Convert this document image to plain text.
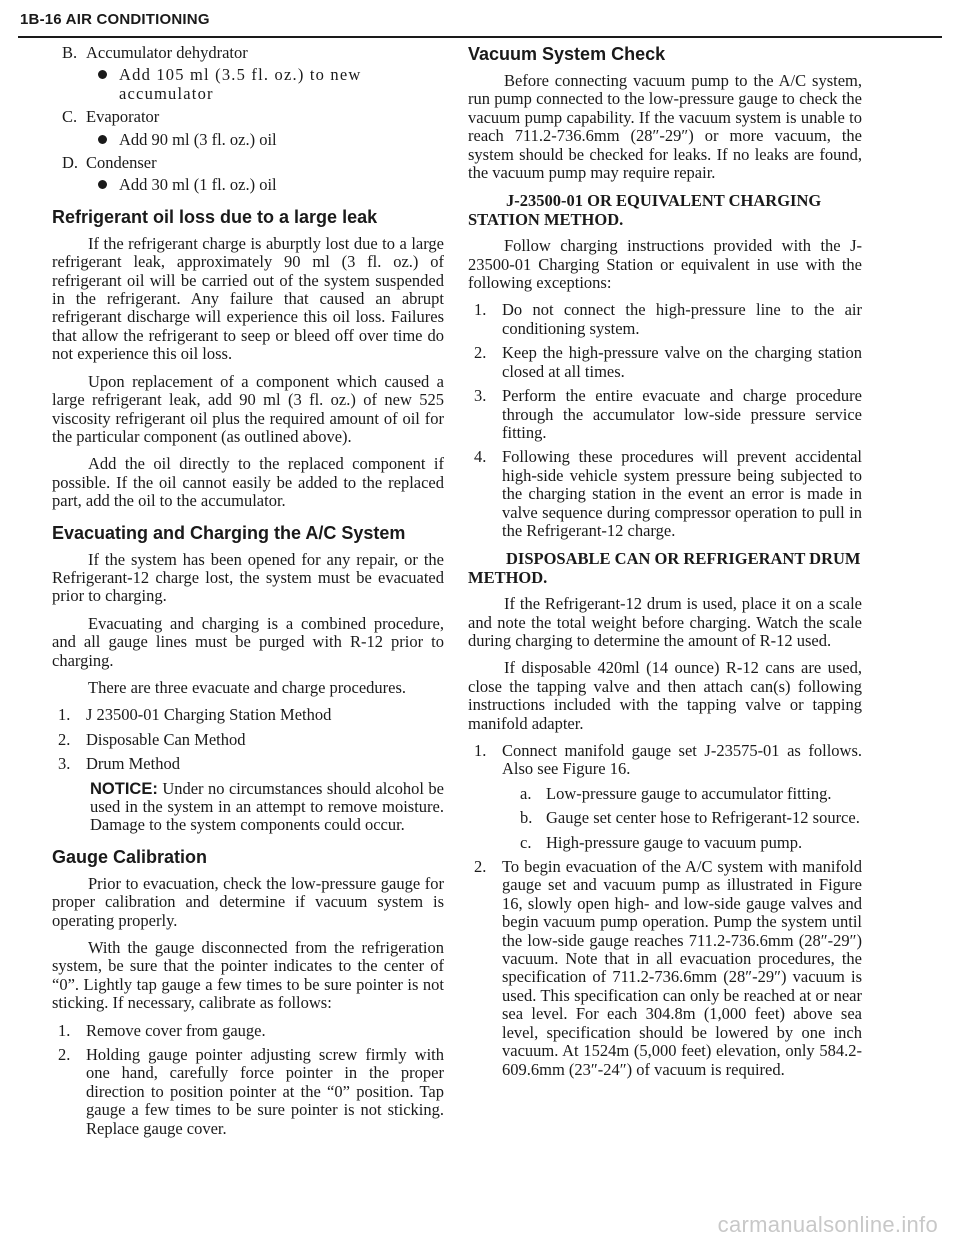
1B-16 AIR CONDITIONING
B. Accumulator dehydrator
Add 105 ml (3.5 fl. oz.) to new accumulator
C. Evaporator
Add 90 ml (3 fl. oz.) oil
D. Condenser
Add 30 ml (1 fl. oz.) oil
Refrigerant oil loss due to a large leak

If the refrigerant charge is aburptly lost due to a large refrigerant leak, approximately 90 ml (3 fl. oz.) of refrigerant oil will be carried out of the system suspended in the refrigerant. Any failure that caused an abrupt refrigerant discharge will experience this oil loss. Failures that allow the refrigerant to seep or bleed off over time do not experience this oil loss.

Upon replacement of a component which caused a large refrigerant leak, add 90 ml (3 fl. oz.) of new 525 viscosity refrigerant oil plus the required amount of oil for the particular component (as outlined above).

Add the oil directly to the replaced component if possible. If the oil cannot easily be added to the replaced part, add the oil to the accumulator.

Evacuating and Charging the A/C System

If the system has been opened for any repair, or the Refrigerant-12 charge lost, the system must be evacuated prior to charging.

Evacuating and charging is a combined procedure, and all gauge lines must be purged with R-12 prior to charging.

There are three evacuate and charge procedures.

1. J 23500-01 Charging Station Method
2. Disposable Can Method
3. Drum Method

NOTICE: Under no circumstances should alcohol be used in the system in an attempt to remove moisture. Damage to the system components could occur.

Gauge Calibration

Prior to evacuation, check the low-pressure gauge for proper calibration and determine if vacuum system is operating properly.

With the gauge disconnected from the refrigeration system, be sure that the pointer indicates to the center of “0”. Lightly tap gauge a few times to be sure pointer is not sticking. If necessary, calibrate as follows:

1. Remove cover from gauge.
2. Holding gauge pointer adjusting screw firmly with one hand, carefully force pointer in the proper direction to position pointer at the “0” position. Tap gauge a few times to be sure pointer is not sticking. Replace gauge cover.
Vacuum System Check

Before connecting vacuum pump to the A/C system, run pump connected to the low-pressure gauge to check the vacuum pump capability. If the vacuum system is unable to reach 711.2-736.6mm (28″-29″) or more vacuum, the system should be checked for leaks. If no leaks are found, the vacuum pump may require repair.

J-23500-01 OR EQUIVALENT CHARGING STATION METHOD.

Follow charging instructions provided with the J-23500-01 Charging Station or equivalent in use with the following exceptions:

1. Do not connect the high-pressure line to the air conditioning system.
2. Keep the high-pressure valve on the charging station closed at all times.
3. Perform the entire evacuate and charge procedure through the accumulator low-side pressure service fitting.
4. Following these procedures will prevent accidental high-side vehicle system pressure being subjected to the charging station in the event an error is made in valve sequence during compressor operation to pull in the Refrigerant-12 charge.
DISPOSABLE CAN OR REFRIGERANT DRUM METHOD.

If the Refrigerant-12 drum is used, place it on a scale and note the total weight before charging. Watch the scale during charging to determine the amount of R-12 used.

If disposable 420ml (14 ounce) R-12 cans are used, close the tapping valve and then attach can(s) following instructions included with the tapping valve or tapping manifold adapter.

1. Connect manifold gauge set J-23575-01 as follows. Also see Figure 16.
a. Low-pressure gauge to accumulator fitting.
b. Gauge set center hose to Refrigerant-12 source.
c. High-pressure gauge to vacuum pump.
2. To begin evacuation of the A/C system with manifold gauge set and vacuum pump as illustrated in Figure 16, slowly open high- and low-side gauge valves and begin vacuum pump operation. Pump the system until the low-side gauge reaches 711.2-736.6mm (28″-29″) vacuum. Note that in all evacuation procedures, the specification of 711.2-736.6mm (28″-29″) vacuum is used. This specification can only be reached at or near sea level. For each 304.8m (1,000 feet) above sea level, specification should be lowered by one inch vacuum. At 1524m (5,000 feet) elevation, only 584.2-609.6mm (23″-24″) of vacuum is required.
carmanualsonline.info
